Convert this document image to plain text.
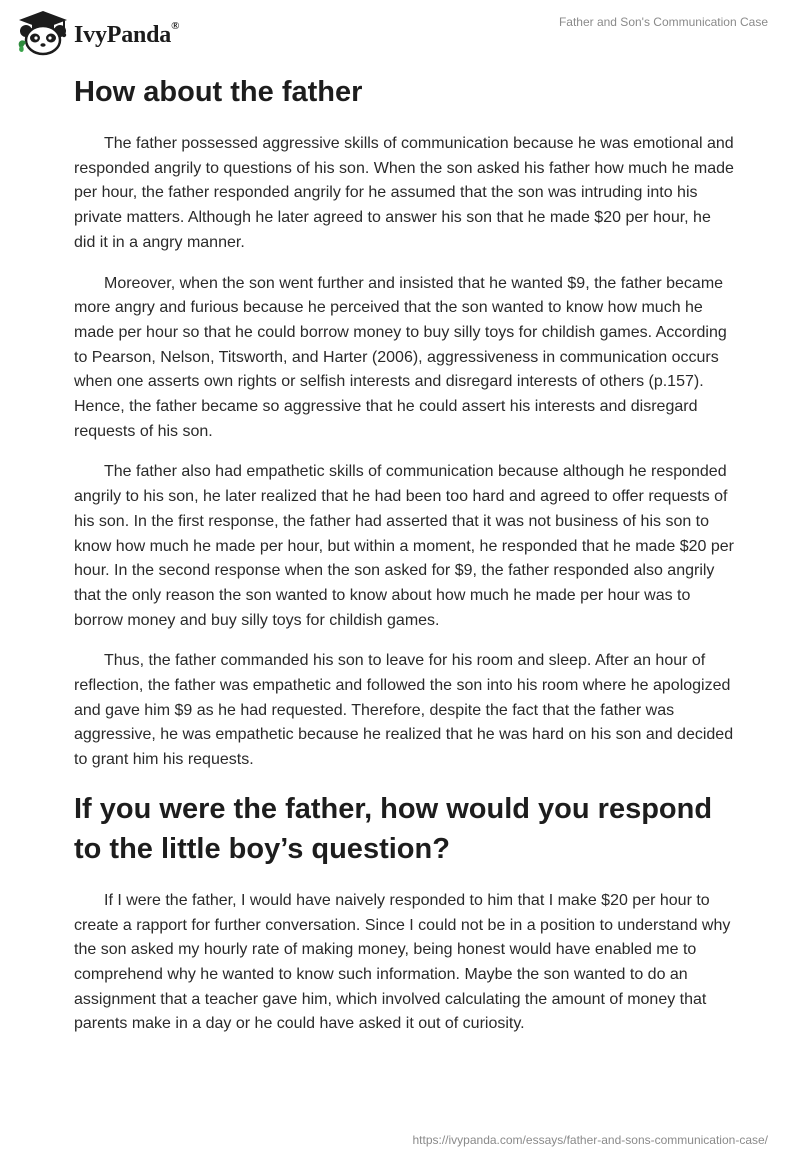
IvyPanda®	Father and Son's Communication Case
How about the father

The father possessed aggressive skills of communication because he was emotional and responded angrily to questions of his son. When the son asked his father how much he made per hour, the father responded angrily for he assumed that the son was intruding into his private matters. Although he later agreed to answer his son that he made $20 per hour, he did it in a angry manner.

Moreover, when the son went further and insisted that he wanted $9, the father became more angry and furious because he perceived that the son wanted to know how much he made per hour so that he could borrow money to buy silly toys for childish games. According to Pearson, Nelson, Titsworth, and Harter (2006), aggressiveness in communication occurs when one asserts own rights or selfish interests and disregard interests of others (p.157). Hence, the father became so aggressive that he could assert his interests and disregard requests of his son.

The father also had empathetic skills of communication because although he responded angrily to his son, he later realized that he had been too hard and agreed to offer requests of his son. In the first response, the father had asserted that it was not business of his son to know how much he made per hour, but within a moment, he responded that he made $20 per hour. In the second response when the son asked for $9, the father responded also angrily that the only reason the son wanted to know about how much he made per hour was to borrow money and buy silly toys for childish games.

Thus, the father commanded his son to leave for his room and sleep. After an hour of reflection, the father was empathetic and followed the son into his room where he apologized and gave him $9 as he had requested. Therefore, despite the fact that the father was aggressive, he was empathetic because he realized that he was hard on his son and decided to grant him his requests.

If you were the father, how would you respond to the little boy’s question?

If I were the father, I would have naively responded to him that I make $20 per hour to create a rapport for further conversation. Since I could not be in a position to understand why the son asked my hourly rate of making money, being honest would have enabled me to comprehend why he wanted to know such information. Maybe the son wanted to do an assignment that a teacher gave him, which involved calculating the amount of money that parents make in a day or he could have asked it out of curiosity.

https://ivypanda.com/essays/father-and-sons-communication-case/
